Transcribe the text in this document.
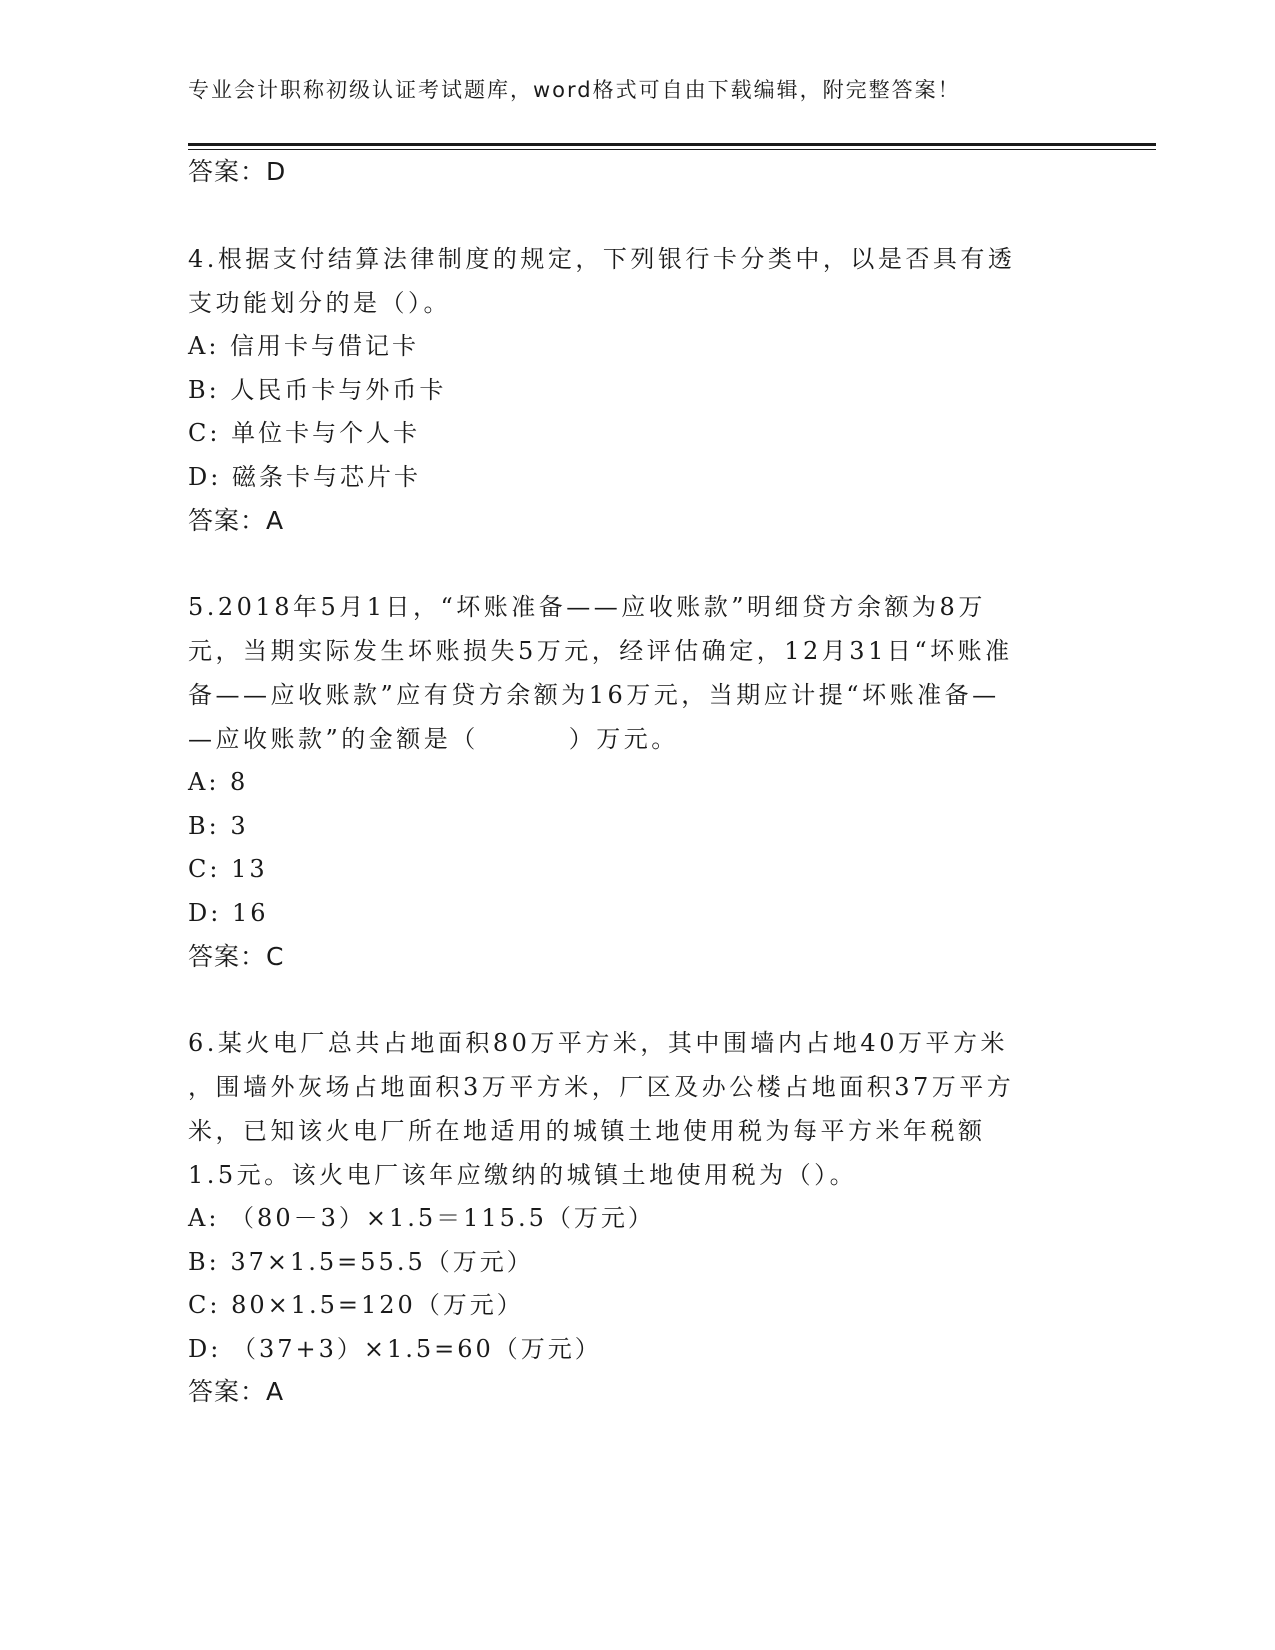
专业会计职称初级认证考试题库，word格式可自由下载编辑，附完整答案！
答案：D
4.根据支付结算法律制度的规定，下列银行卡分类中，以是否具有透
支功能划分的是（）。
A: 信用卡与借记卡
B: 人民币卡与外币卡
C: 单位卡与个人卡
D: 磁条卡与芯片卡
答案：A
5.2018年5月1日，“坏账准备——应收账款”明细贷方余额为8万
元，当期实际发生坏账损失5万元，经评估确定，12月31日“坏账准
备——应收账款”应有贷方余额为16万元，当期应计提“坏账准备—
—应收账款”的金额是（	）万元。
A: 8
B: 3
C: 13
D: 16
答案：C
6.某火电厂总共占地面积80万平方米，其中围墙内占地40万平方米
，围墙外灰场占地面积3万平方米，厂区及办公楼占地面积37万平方
米，已知该火电厂所在地适用的城镇土地使用税为每平方米年税额
1.5元。该火电厂该年应缴纳的城镇土地使用税为（）。
A: （80－3）×1.5＝115.5（万元）
B: 37×1.5=55.5（万元）
C: 80×1.5=120（万元）
D: （37+3）×1.5=60（万元）
答案：A
